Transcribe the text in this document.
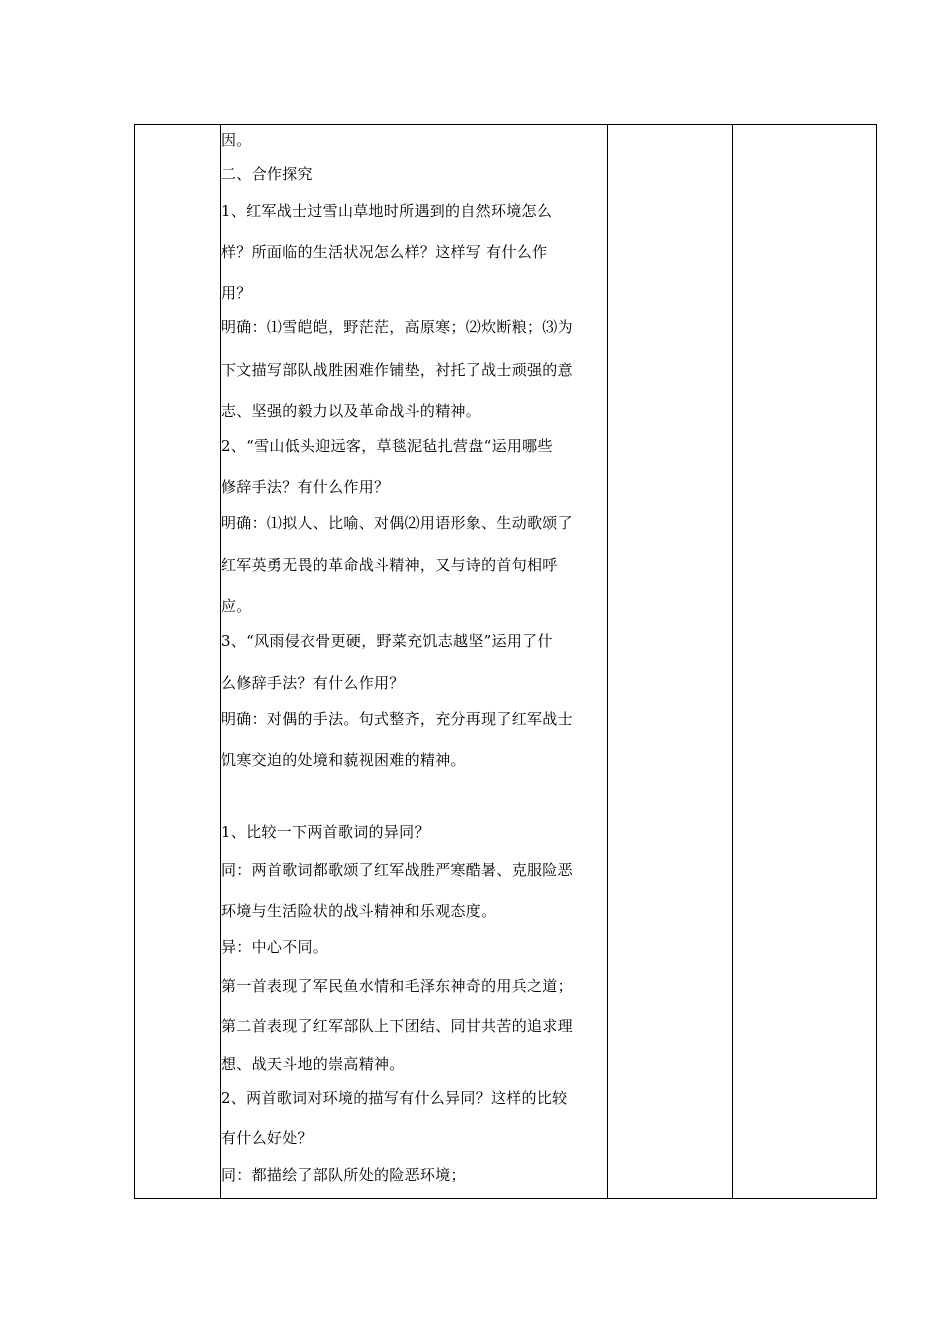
因。
二、合作探究
1、红军战士过雪山草地时所遇到的自然环境怎么
样？所面临的生活状况怎么样？这样写 有什么作
用？
明确：⑴雪皑皑，野茫茫，高原寒；⑵炊断粮；⑶为
下文描写部队战胜困难作铺垫，衬托了战士顽强的意
志、坚强的毅力以及革命战斗的精神。
2、“雪山低头迎远客，草毯泥毡扎营盘“运用哪些
修辞手法？有什么作用？
明确：⑴拟人、比喻、对偶⑵用语形象、生动歌颂了
红军英勇无畏的革命战斗精神，又与诗的首句相呼
应。
3、“风雨侵衣骨更硬，野菜充饥志越坚”运用了什
么修辞手法？有什么作用？
明确：对偶的手法。句式整齐，充分再现了红军战士
饥寒交迫的处境和藐视困难的精神。
1、比较一下两首歌词的异同？
同：两首歌词都歌颂了红军战胜严寒酷暑、克服险恶
环境与生活险状的战斗精神和乐观态度。
异：中心不同。
第一首表现了军民鱼水情和毛泽东神奇的用兵之道；
第二首表现了红军部队上下团结、同甘共苦的追求理
想、战天斗地的崇高精神。
2、两首歌词对环境的描写有什么异同？这样的比较
有什么好处？
同：都描绘了部队所处的险恶环境；
